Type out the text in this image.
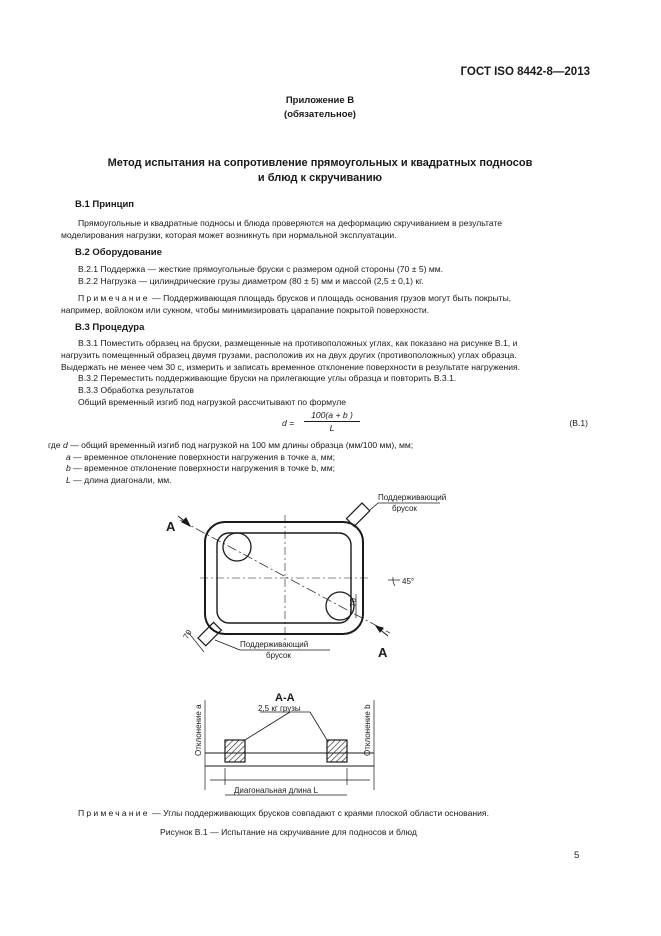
ГОСТ ISO 8442-8—2013
Приложение В
(обязательное)
Метод испытания на сопротивление прямоугольных и квадратных подносов
и блюд к скручиванию
В.1 Принцип
Прямоугольные и квадратные подносы и блюда проверяются на деформацию скручиванием в результате
моделирования нагрузки, которая может возникнуть при нормальной эксплуатации.
В.2 Оборудование
В.2.1 Поддержка — жесткие прямоугольные бруски с размером одной стороны (70 ± 5) мм.
В.2.2 Нагрузка — цилиндрические грузы диаметром (80 ± 5) мм и массой (2,5 ± 0,1) кг.
Примечание — Поддерживающая площадь брусков и площадь основания грузов могут быть покрыты,
например, войлоком или сукном, чтобы минимизировать царапание покрытой поверхности.
В.3 Процедура
В.3.1 Поместить образец на бруски, размещенные на противоположных углах, как показано на рисунке В.1, и
нагрузить помещенный образец двумя грузами, расположив их на двух других (противоположных) углах образца.
Выдержать не менее чем 30 с, измерить и записать временное отклонение поверхности в результате нагружения.
В.3.2 Переместить поддерживающие бруски на прилегающие углы образца и повторить В.3.1.
В.3.3 Обработка результатов
Общий временный изгиб под нагрузкой рассчитывают по формуле
$d = \frac{100(a + b )}{L}$	(В.1)
где d — общий временный изгиб под нагрузкой на 100 мм длины образца (мм/100 мм), мм;
a — временное отклонение поверхности нагружения в точке a, мм;
b — временное отклонение поверхности нагружения в точке b, мм;
L — длина диагонали, мм.
А
А
Поддерживающий
брусок
Поддерживающий
брусок
45°
70
70
А-А
2,5 кг грузы
Отклонение a	Отклонение b
Диагональная длина L
Примечание — Углы поддерживающих брусков совпадают с краями плоской области основания.
Рисунок В.1 — Испытание на скручивание для подносов и блюд
5
